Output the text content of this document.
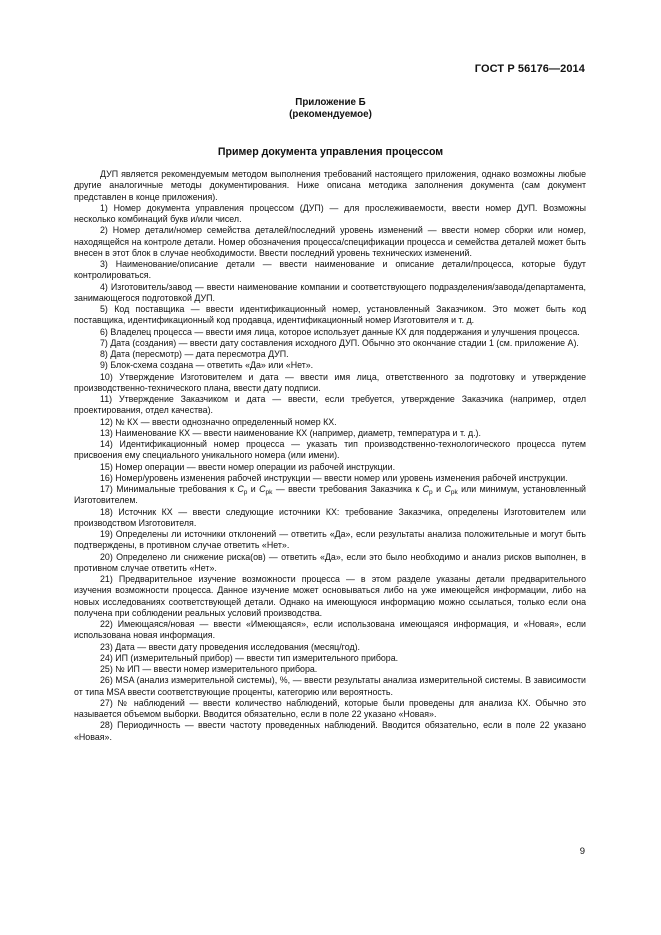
ГОСТ Р 56176—2014
Приложение Б
(рекомендуемое)
Пример документа управления процессом

ДУП является рекомендуемым методом выполнения требований настоящего приложения, однако возможны любые другие аналогичные методы документирования. Ниже описана методика заполнения документа (сам документ представлен в конце приложения).

1) Номер документа управления процессом (ДУП) — для прослеживаемости, ввести номер ДУП. Возможны несколько комбинаций букв и/или чисел.

2) Номер детали/номер семейства деталей/последний уровень изменений — ввести номер сборки или номер, находящейся на контроле детали. Номер обозначения процесса/спецификации процесса и семейства деталей может быть внесен в этот блок в случае необходимости. Ввести последний уровень технических изменений.

3) Наименование/описание детали — ввести наименование и описание детали/процесса, которые будут контролироваться.

4) Изготовитель/завод — ввести наименование компании и соответствующего подразделения/завода/департамента, занимающегося подготовкой ДУП.

5) Код поставщика — ввести идентификационный номер, установленный Заказчиком. Это может быть код поставщика, идентификационный код продавца, идентификационный номер Изготовителя и т. д.

6) Владелец процесса — ввести имя лица, которое использует данные КХ для поддержания и улучшения процесса.

7) Дата (создания) — ввести дату составления исходного ДУП. Обычно это окончание стадии 1 (см. приложение А).

8) Дата (пересмотр) — дата пересмотра ДУП.

9) Блок-схема создана — ответить «Да» или «Нет».

10) Утверждение Изготовителем и дата — ввести имя лица, ответственного за подготовку и утверждение производственно-технического плана, ввести дату подписи.

11) Утверждение Заказчиком и дата — ввести, если требуется, утверждение Заказчика (например, отдел проектирования, отдел качества).

12) № КХ — ввести однозначно определенный номер КХ.

13) Наименование КХ — ввести наименование КХ (например, диаметр, температура и т. д.).

14) Идентификационный номер процесса — указать тип производственно-технологического процесса путем присвоения ему специального уникального номера (или имени).

15) Номер операции — ввести номер операции из рабочей инструкции.

16) Номер/уровень изменения рабочей инструкции — ввести номер или уровень изменения рабочей инструкции.

17) Минимальные требования к $C_p$ и $C_{pk}$ — ввести требования Заказчика к $C_p$ и $C_{pk}$ или минимум, установленный Изготовителем.

18) Источник КХ — ввести следующие источники КХ: требование Заказчика, определены Изготовителем или производством Изготовителя.

19) Определены ли источники отклонений — ответить «Да», если результаты анализа положительные и могут быть подтверждены, в противном случае ответить «Нет».

20) Определено ли снижение риска(ов) — ответить «Да», если это было необходимо и анализ рисков выполнен, в противном случае ответить «Нет».

21) Предварительное изучение возможности процесса — в этом разделе указаны детали предварительного изучения возможности процесса. Данное изучение может основываться либо на уже имеющейся информации, либо на новых исследованиях соответствующей детали. Однако на имеющуюся информацию можно ссылаться, только если она получена при соблюдении реальных условий производства.

22) Имеющаяся/новая — ввести «Имеющаяся», если использована имеющаяся информация, и «Новая», если использована новая информация.

23) Дата — ввести дату проведения исследования (месяц/год).

24) ИП (измерительный прибор) — ввести тип измерительного прибора.

25) № ИП — ввести номер измерительного прибора.

26) MSA (анализ измерительной системы), %, — ввести результаты анализа измерительной системы. В зависимости от типа MSA ввести соответствующие проценты, категорию или вероятность.

27) № наблюдений — ввести количество наблюдений, которые были проведены для анализа КХ. Обычно это называется объемом выборки. Вводится обязательно, если в поле 22 указано «Новая».

28) Периодичность — ввести частоту проведенных наблюдений. Вводится обязательно, если в поле 22 указано «Новая».

9
